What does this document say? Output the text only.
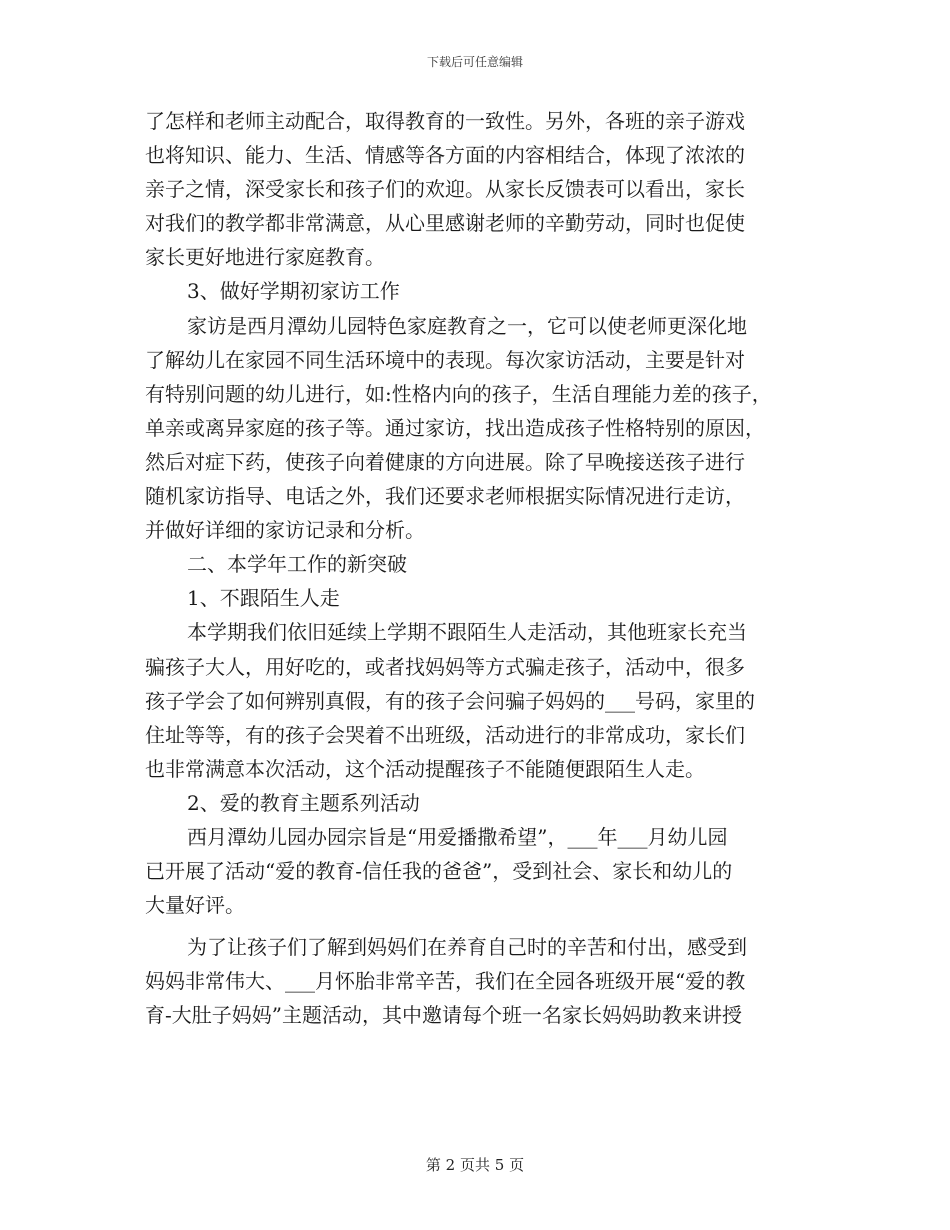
下载后可任意编辑
了怎样和老师主动配合，取得教育的一致性。另外，各班的亲子游戏
也将知识、能力、生活、情感等各方面的内容相结合，体现了浓浓的
亲子之情，深受家长和孩子们的欢迎。从家长反馈表可以看出，家长
对我们的教学都非常满意，从心里感谢老师的辛勤劳动，同时也促使
家长更好地进行家庭教育。
3、做好学期初家访工作
家访是西月潭幼儿园特色家庭教育之一，它可以使老师更深化地
了解幼儿在家园不同生活环境中的表现。每次家访活动，主要是针对
有特别问题的幼儿进行，如:性格内向的孩子，生活自理能力差的孩子，
单亲或离异家庭的孩子等。通过家访，找出造成孩子性格特别的原因，
然后对症下药，使孩子向着健康的方向进展。除了早晚接送孩子进行
随机家访指导、电话之外，我们还要求老师根据实际情况进行走访，
并做好详细的家访记录和分析。
二、本学年工作的新突破
1、不跟陌生人走
本学期我们依旧延续上学期不跟陌生人走活动，其他班家长充当
骗孩子大人，用好吃的，或者找妈妈等方式骗走孩子，活动中，很多
孩子学会了如何辨别真假，有的孩子会问骗子妈妈的___号码，家里的
住址等等，有的孩子会哭着不出班级，活动进行的非常成功，家长们
也非常满意本次活动，这个活动提醒孩子不能随便跟陌生人走。
2、爱的教育主题系列活动
西月潭幼儿园办园宗旨是“用爱播撒希望”，___年___月幼儿园
已开展了活动“爱的教育-信任我的爸爸”，受到社会、家长和幼儿的
大量好评。
为了让孩子们了解到妈妈们在养育自己时的辛苦和付出，感受到
妈妈非常伟大、___月怀胎非常辛苦，我们在全园各班级开展“爱的教
育-大肚子妈妈”主题活动，其中邀请每个班一名家长妈妈助教来讲授
第 2 页共 5 页
